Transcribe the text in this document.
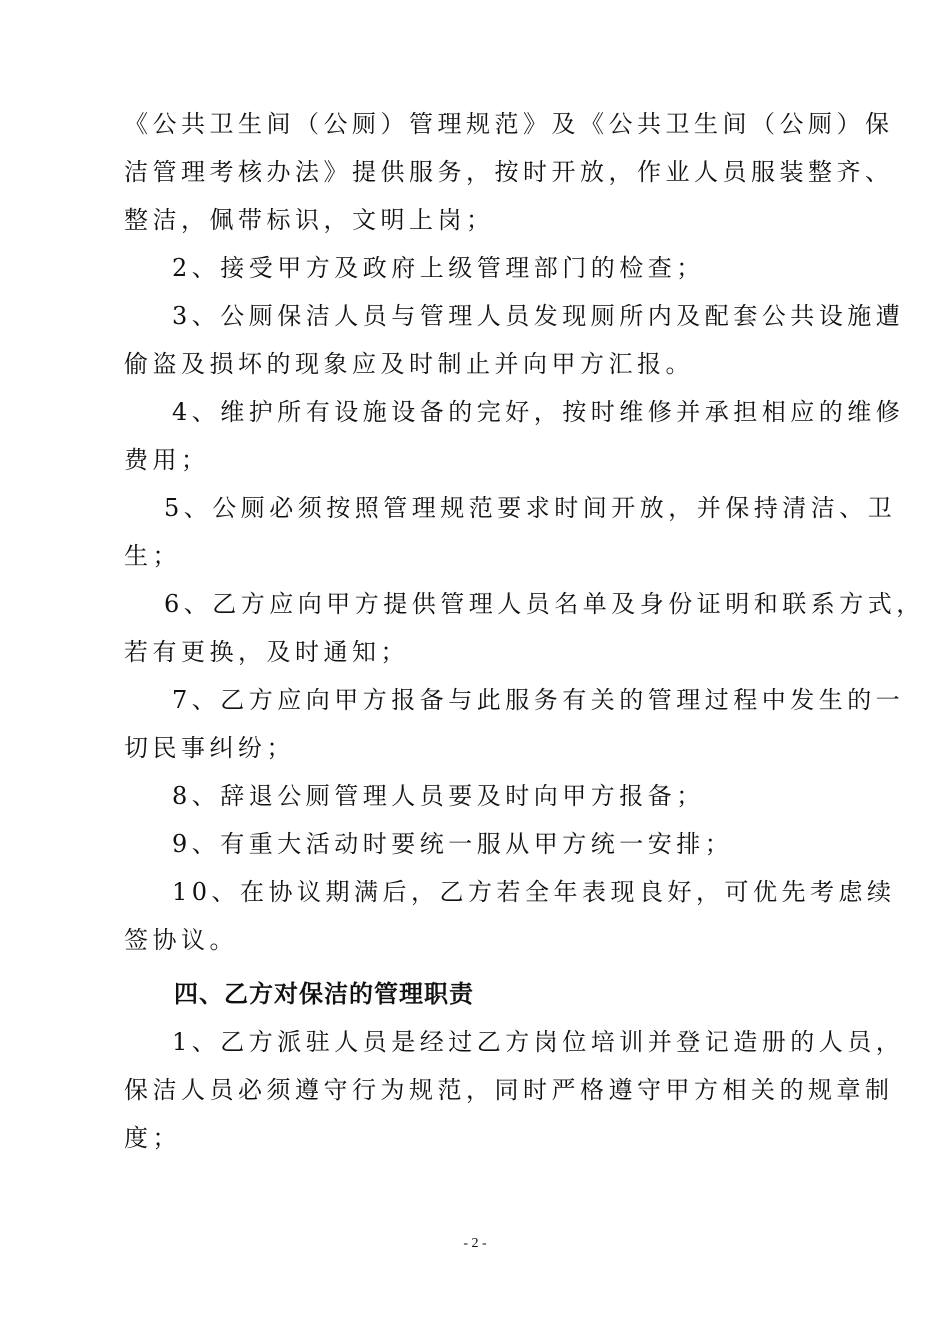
《公共卫生间（公厕）管理规范》及《公共卫生间（公厕）保

洁管理考核办法》提供服务，按时开放，作业人员服装整齐、

整洁，佩带标识，文明上岗；

2、接受甲方及政府上级管理部门的检查；

3、公厕保洁人员与管理人员发现厕所内及配套公共设施遭

偷盗及损坏的现象应及时制止并向甲方汇报。

4、维护所有设施设备的完好，按时维修并承担相应的维修

费用；

5、公厕必须按照管理规范要求时间开放，并保持清洁、卫

生；

6、乙方应向甲方提供管理人员名单及身份证明和联系方式，

若有更换，及时通知；

7、乙方应向甲方报备与此服务有关的管理过程中发生的一

切民事纠纷；

8、辞退公厕管理人员要及时向甲方报备；

9、有重大活动时要统一服从甲方统一安排；

10、在协议期满后，乙方若全年表现良好，可优先考虑续

签协议。

四、乙方对保洁的管理职责

1、乙方派驻人员是经过乙方岗位培训并登记造册的人员，

保洁人员必须遵守行为规范，同时严格遵守甲方相关的规章制

度；

- 2 -
